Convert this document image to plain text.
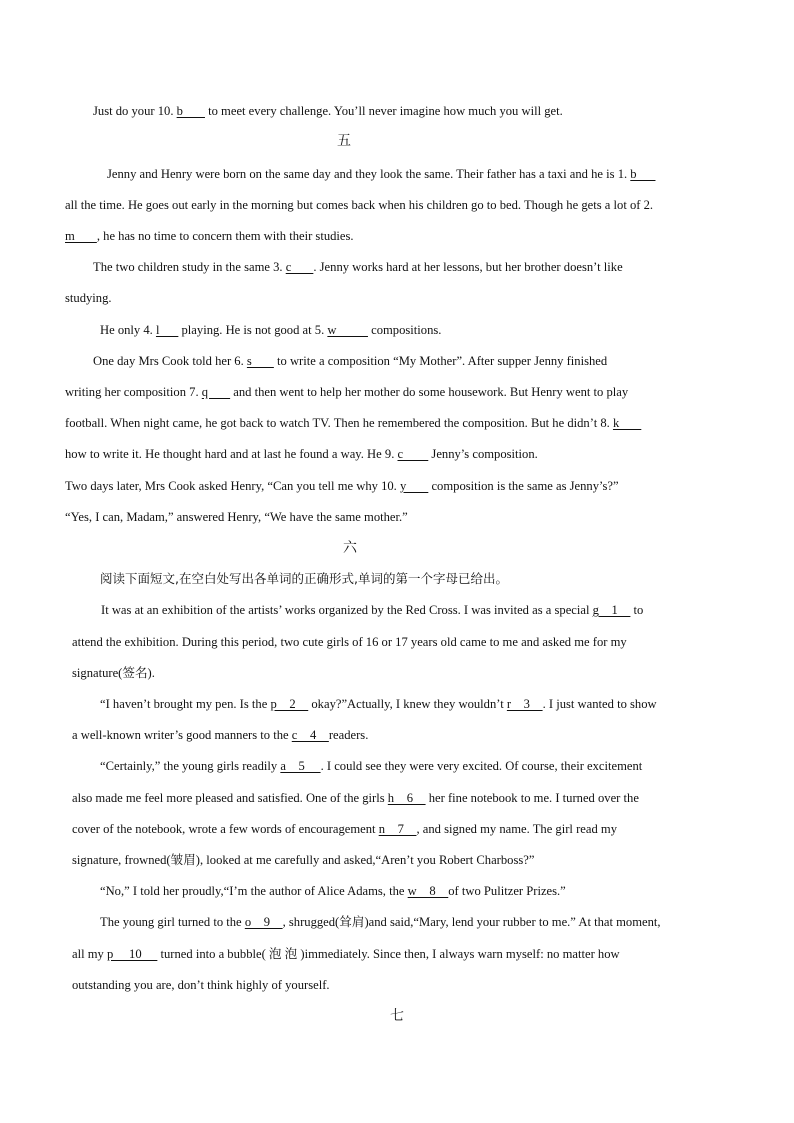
Just do your 10. b        to meet every challenge. You’ll never imagine how much you will get.
五
Jenny and Henry were born on the same day and they look the same. Their father has a taxi and he is 1. b
all the time. He goes out early in the morning but comes back when his children go to bed. Though he gets a lot of 2.
m       , he has no time to concern them with their studies.
The two children study in the same 3. c       . Jenny works hard at her lessons, but her brother doesn’t like
studying.
He only 4. l       playing. He is not good at 5. w           compositions.
One day Mrs Cook told her 6. s        to write a composition “My Mother”. After supper Jenny finished
writing her composition 7. q        and then went to help her mother do some housework. But Henry went to play
football. When night came, he got back to watch TV. Then he remembered the composition. But he didn’t 8. k
how to write it. He thought hard and at last he found a way. He 9. c         Jenny’s composition.
Two days later, Mrs Cook asked Henry, “Can you tell me why 10. y        composition is the same as Jenny’s?”
“Yes, I can, Madam,” answered Henry, “We have the same mother.”
六
阅读下面短文,在空白处写出各单词的正确形式,单词的第一个字母已给出。
It was at an exhibition of the artists’ works organized by the Red Cross. I was invited as a special g    1     to
attend the exhibition. During this period, two cute girls of 16 or 17 years old came to me and asked me for my
signature(签名).
“I haven’t brought my pen. Is the p    2     okay?”Actually, I knew they wouldn’t r    3    . I just wanted to show
a well-known writer’s good manners to the c    4    readers.
“Certainly,” the young girls readily a    5     . I could see they were very excited. Of course, their excitement
also made me feel more pleased and satisfied. One of the girls h    6     her fine notebook to me. I turned over the
cover of the notebook, wrote a few words of encouragement n    7    , and signed my name. The girl read my
signature, frowned(皱眉), looked at me carefully and asked,“Aren’t you Robert Charboss?”
“No,” I told her proudly,“I’m the author of Alice Adams, the w    8    of two Pulitzer Prizes.”
The young girl turned to the o    9    , shrugged(耸肩)and said,“Mary, lend your rubber to me.” At that moment,
all my p     10      turned into a bubble( 泡 泡 )immediately. Since then, I always warn myself: no matter how
outstanding you are, don’t think highly of yourself.
七
